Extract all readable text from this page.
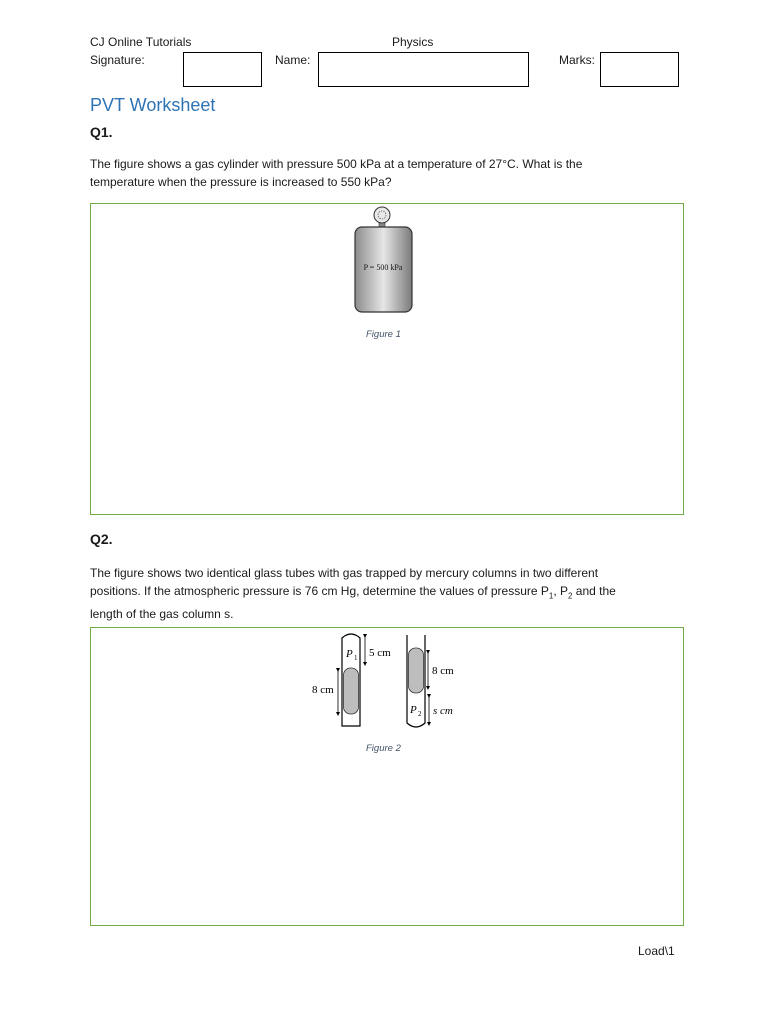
CJ Online Tutorials	Physics
Signature:	Name:	Marks:
PVT Worksheet
Q1.
The figure shows a gas cylinder with pressure 500 kPa at a temperature of 27°C. What is the
temperature when the pressure is increased to 550 kPa?
P = 500 kPa
Figure 1
Q2.
The figure shows two identical glass tubes with gas trapped by mercury columns in two different
positions. If the atmospheric pressure is 76 cm Hg, determine the values of pressure $P_1$, $P_2$ and the
length of the gas column s.
P 1 5 cm
8 cm
8 cm
P 2 s cm
Figure 2
Load\1
